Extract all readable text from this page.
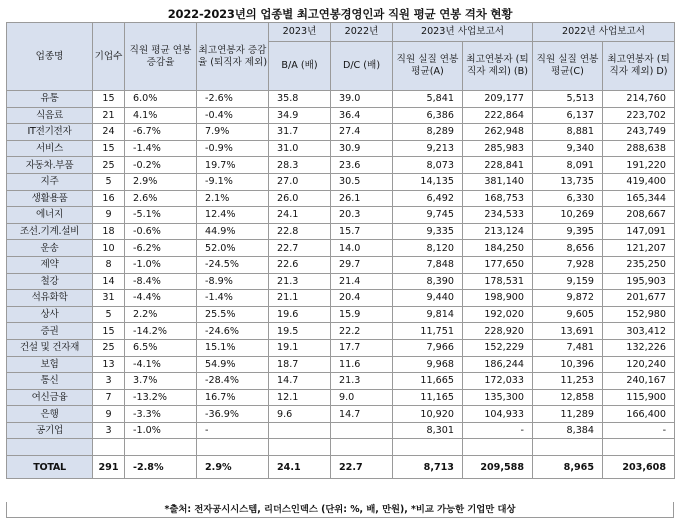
2022-2023년의 업종별 최고연봉경영인과 직원 평균 연봉 격차 현황
업종명	기업수	직원 평균 연봉 증감율	최고연봉자 증감율 (퇴직자 제외)	2023년	2022년	2023년 사업보고서		2022년 사업보고서	
				B/A (배)	D/C (배)	직원 실질 연봉 평균(A)	최고연봉자 (퇴직자 제외) (B)	직원 실질 연봉 평균(C)	최고연봉자 (퇴직자 제외) D)
유통	15	6.0%	-2.6%	35.8	39.0	5,841	209,177	5,513	214,760
식음료	21	4.1%	-0.4%	34.9	36.4	6,386	222,864	6,137	223,702
IT전기전자	24	-6.7%	7.9%	31.7	27.4	8,289	262,948	8,881	243,749
서비스	15	-1.4%	-0.9%	31.0	30.9	9,213	285,983	9,340	288,638
자동차.부품	25	-0.2%	19.7%	28.3	23.6	8,073	228,841	8,091	191,220
지주	5	2.9%	-9.1%	27.0	30.5	14,135	381,140	13,735	419,400
생활용품	16	2.6%	2.1%	26.0	26.1	6,492	168,753	6,330	165,344
에너지	9	-5.1%	12.4%	24.1	20.3	9,745	234,533	10,269	208,667
조선.기계.설비	18	-0.6%	44.9%	22.8	15.7	9,335	213,124	9,395	147,091
운송	10	-6.2%	52.0%	22.7	14.0	8,120	184,250	8,656	121,207
제약	8	-1.0%	-24.5%	22.6	29.7	7,848	177,650	7,928	235,250
철강	14	-8.4%	-8.9%	21.3	21.4	8,390	178,531	9,159	195,903
석유화학	31	-4.4%	-1.4%	21.1	20.4	9,440	198,900	9,872	201,677
상사	5	2.2%	25.5%	19.6	15.9	9,814	192,020	9,605	152,980
증권	15	-14.2%	-24.6%	19.5	22.2	11,751	228,920	13,691	303,412
건설 및 건자재	25	6.5%	15.1%	19.1	17.7	7,966	152,229	7,481	132,226
보험	13	-4.1%	54.9%	18.7	11.6	9,968	186,244	10,396	120,240
통신	3	3.7%	-28.4%	14.7	21.3	11,665	172,033	11,253	240,167
여신금융	7	-13.2%	16.7%	12.1	9.0	11,165	135,300	12,858	115,900
은행	9	-3.3%	-36.9%	9.6	14.7	10,920	104,933	11,289	166,400
공기업	3	-1.0%	-			8,301	-	8,384	-

TOTAL	291	-2.8%	2.9%	24.1	22.7	8,713	209,588	8,965	203,608
*출처: 전자공시시스템, 리더스인덱스 (단위: %, 배, 만원), *비교 가능한 기업만 대상
